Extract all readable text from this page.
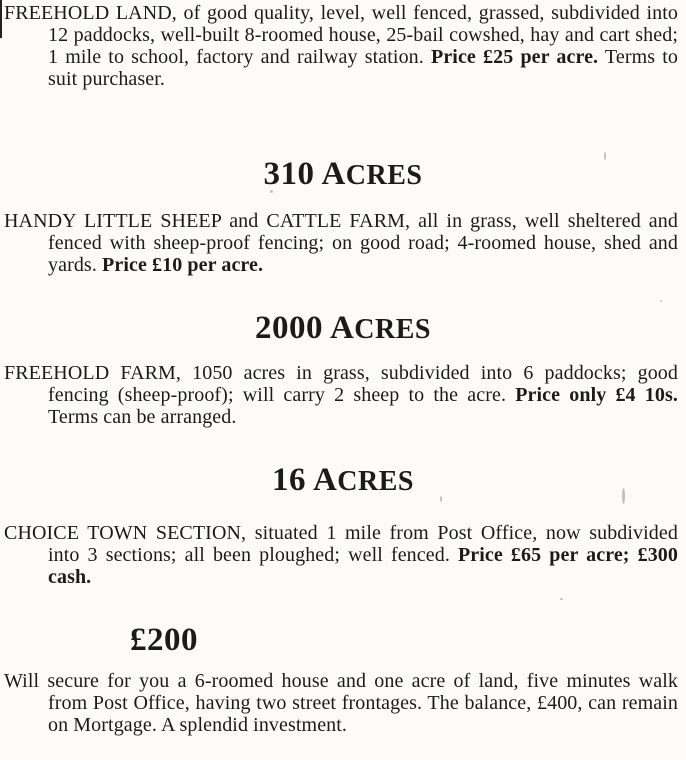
FREEHOLD LAND, of good quality, level, well fenced, grassed, subdivided into 12 paddocks, well-built 8-roomed house, 25-bail cowshed, hay and cart shed; 1 mile to school, factory and railway station. Price £25 per acre. Terms to suit purchaser.

310 ACRES

HANDY LITTLE SHEEP and CATTLE FARM, all in grass, well sheltered and fenced with sheep-proof fencing; on good road; 4-roomed house, shed and yards. Price £10 per acre.

2000 ACRES

FREEHOLD FARM, 1050 acres in grass, subdivided into 6 paddocks; good fencing (sheep-proof); will carry 2 sheep to the acre. Price only £4 10s. Terms can be arranged.

16 ACRES

CHOICE TOWN SECTION, situated 1 mile from Post Office, now subdivided into 3 sections; all been ploughed; well fenced. Price £65 per acre; £300 cash.

£200

Will secure for you a 6-roomed house and one acre of land, five minutes walk from Post Office, having two street frontages. The balance, £400, can remain on Mortgage. A splendid investment.
